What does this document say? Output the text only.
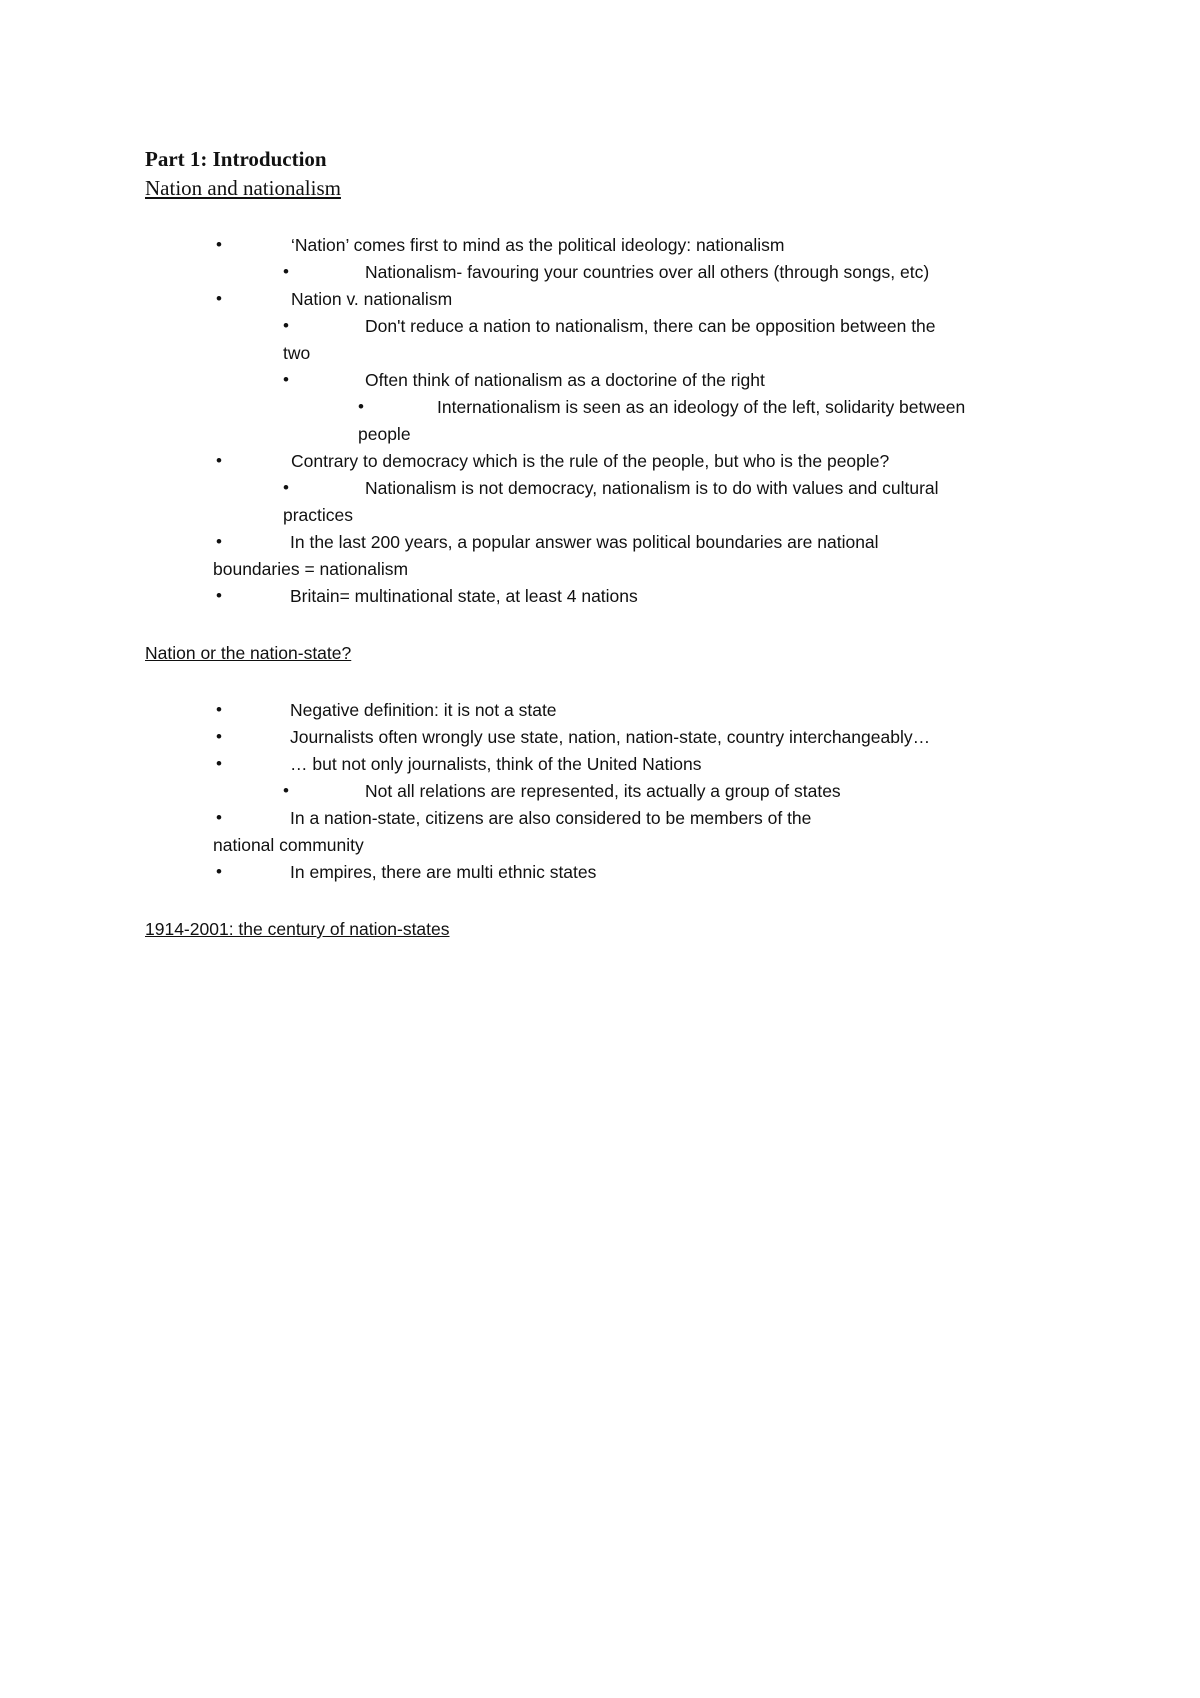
Part 1: Introduction
Nation and nationalism
•	‘Nation’ comes first to mind as the political ideology: nationalism
•	Nationalism- favouring your countries over all others (through songs, etc)
•	Nation v. nationalism
•	Don't reduce a nation to nationalism, there can be opposition between the
two
•	Often think of nationalism as a doctorine of the right
•	Internationalism is seen as an ideology of the left, solidarity between
people
•	Contrary to democracy which is the rule of the people, but who is the people?
•	Nationalism is not democracy, nationalism is to do with values and cultural
practices
•	In the last 200 years, a popular answer was political boundaries are national
boundaries = nationalism
•	Britain= multinational state, at least 4 nations
Nation or the nation-state?
•	Negative definition: it is not a state
•	Journalists often wrongly use state, nation, nation-state, country interchangeably…
•	… but not only journalists, think of the United Nations
•	Not all relations are represented, its actually a group of states
•	In a nation-state, citizens are also considered to be members of the
national community
•	In empires, there are multi ethnic states
1914-2001: the century of nation-states
